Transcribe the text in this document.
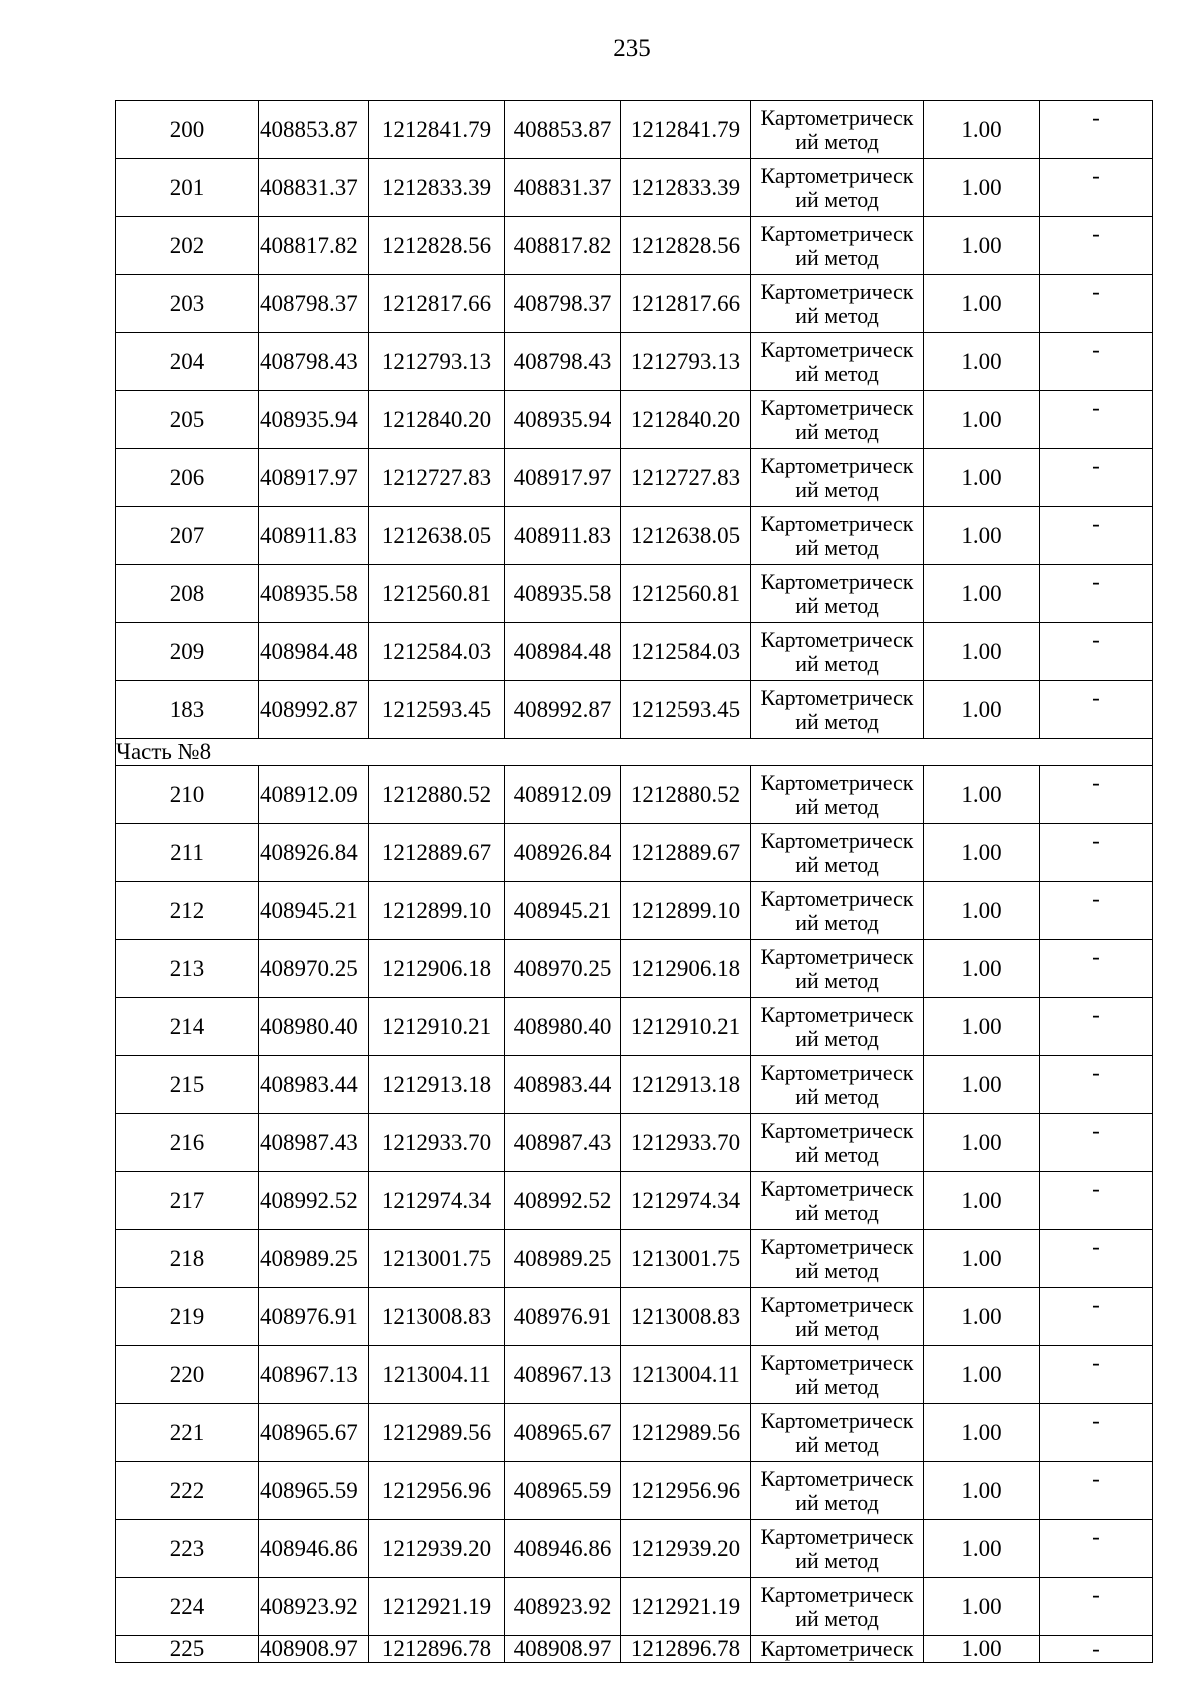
235
200	408853.87	1212841.79	408853.87	1212841.79	Картометрическ
ий метод	1.00	-
201	408831.37	1212833.39	408831.37	1212833.39	Картометрическ
ий метод	1.00	-
202	408817.82	1212828.56	408817.82	1212828.56	Картометрическ
ий метод	1.00	-
203	408798.37	1212817.66	408798.37	1212817.66	Картометрическ
ий метод	1.00	-
204	408798.43	1212793.13	408798.43	1212793.13	Картометрическ
ий метод	1.00	-
205	408935.94	1212840.20	408935.94	1212840.20	Картометрическ
ий метод	1.00	-
206	408917.97	1212727.83	408917.97	1212727.83	Картометрическ
ий метод	1.00	-
207	408911.83	1212638.05	408911.83	1212638.05	Картометрическ
ий метод	1.00	-
208	408935.58	1212560.81	408935.58	1212560.81	Картометрическ
ий метод	1.00	-
209	408984.48	1212584.03	408984.48	1212584.03	Картометрическ
ий метод	1.00	-
183	408992.87	1212593.45	408992.87	1212593.45	Картометрическ
ий метод	1.00	-
Часть №8							
210	408912.09	1212880.52	408912.09	1212880.52	Картометрическ
ий метод	1.00	-
211	408926.84	1212889.67	408926.84	1212889.67	Картометрическ
ий метод	1.00	-
212	408945.21	1212899.10	408945.21	1212899.10	Картометрическ
ий метод	1.00	-
213	408970.25	1212906.18	408970.25	1212906.18	Картометрическ
ий метод	1.00	-
214	408980.40	1212910.21	408980.40	1212910.21	Картометрическ
ий метод	1.00	-
215	408983.44	1212913.18	408983.44	1212913.18	Картометрическ
ий метод	1.00	-
216	408987.43	1212933.70	408987.43	1212933.70	Картометрическ
ий метод	1.00	-
217	408992.52	1212974.34	408992.52	1212974.34	Картометрическ
ий метод	1.00	-
218	408989.25	1213001.75	408989.25	1213001.75	Картометрическ
ий метод	1.00	-
219	408976.91	1213008.83	408976.91	1213008.83	Картометрическ
ий метод	1.00	-
220	408967.13	1213004.11	408967.13	1213004.11	Картометрическ
ий метод	1.00	-
221	408965.67	1212989.56	408965.67	1212989.56	Картометрическ
ий метод	1.00	-
222	408965.59	1212956.96	408965.59	1212956.96	Картометрическ
ий метод	1.00	-
223	408946.86	1212939.20	408946.86	1212939.20	Картометрическ
ий метод	1.00	-
224	408923.92	1212921.19	408923.92	1212921.19	Картометрическ
ий метод	1.00	-
225	408908.97	1212896.78	408908.97	1212896.78	Картометрическ	1.00	-
